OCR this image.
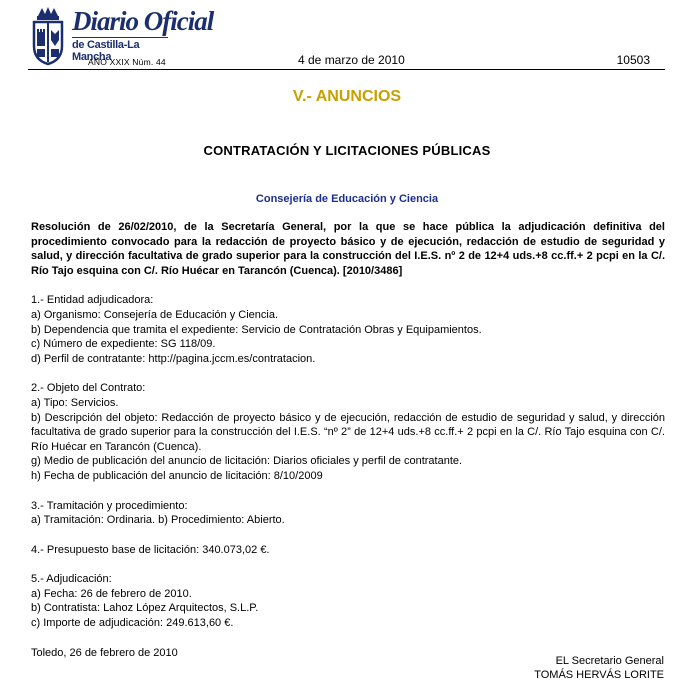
Diario Oficial
de Castilla-La Mancha
AÑO XXIX Núm. 44	4 de marzo de 2010	10503
V.- ANUNCIOS
CONTRATACIÓN Y LICITACIONES PÚBLICAS
Consejería de Educación y Ciencia

Resolución de 26/02/2010, de la Secretaría General, por la que se hace pública la adjudicación definitiva del procedimiento convocado para la redacción de proyecto básico y de ejecución, redacción de estudio de seguridad y salud, y dirección facultativa de grado superior para la construcción del I.E.S. nº 2 de 12+4 uds.+8 cc.ff.+ 2 pcpi en la C/. Río Tajo esquina con C/. Río Huécar en Tarancón (Cuenca). [2010/3486]

1.- Entidad adjudicadora:
a) Organismo: Consejería de Educación y Ciencia.
b) Dependencia que tramita el expediente: Servicio de Contratación Obras y Equipamientos.
c) Número de expediente: SG 118/09.
d) Perfil de contratante: http://pagina.jccm.es/contratacion.
2.- Objeto del Contrato:
a) Tipo: Servicios.
b) Descripción del objeto: Redacción de proyecto básico y de ejecución, redacción de estudio de seguridad y salud, y dirección facultativa de grado superior para la construcción del I.E.S. “nº 2” de 12+4 uds.+8 cc.ff.+ 2 pcpi en la C/. Río Tajo esquina con C/. Río Huécar en Tarancón (Cuenca).
g) Medio de publicación del anuncio de licitación: Diarios oficiales y perfil de contratante.
h) Fecha de publicación del anuncio de licitación: 8/10/2009
3.- Tramitación y procedimiento:
a) Tramitación: Ordinaria. b) Procedimiento: Abierto.
4.- Presupuesto base de licitación: 340.073,02 €.
5.- Adjudicación:
a) Fecha: 26 de febrero de 2010.
b) Contratista: Lahoz López Arquitectos, S.L.P.
c) Importe de adjudicación: 249.613,60 €.

Toledo, 26 de febrero de 2010

EL Secretario General
TOMÁS HERVÁS LORITE
